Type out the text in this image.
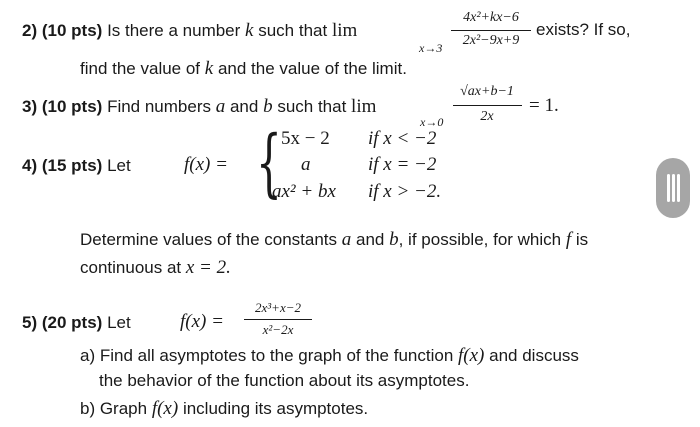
2) (10 pts) Is there a number k such that lim
x→3
4x²+kx−6
2x²−9x+9
exists? If so,
find the value of k and the value of the limit.
3) (10 pts) Find numbers a and b such that lim
x→0
√ax+b−1
2x
= 1.
4) (15 pts) Let	f(x) = { 5x − 2 if x < −2
a	if x = −2
ax² + bx if x > −2.
Determine values of the constants a and b, if possible, for which f is
continuous at x = 2.
5) (20 pts) Let	f(x) =
2x³+x−2
x²−2x
a) Find all asymptotes to the graph of the function f(x) and discuss
the behavior of the function about its asymptotes.
b) Graph f(x) including its asymptotes.
